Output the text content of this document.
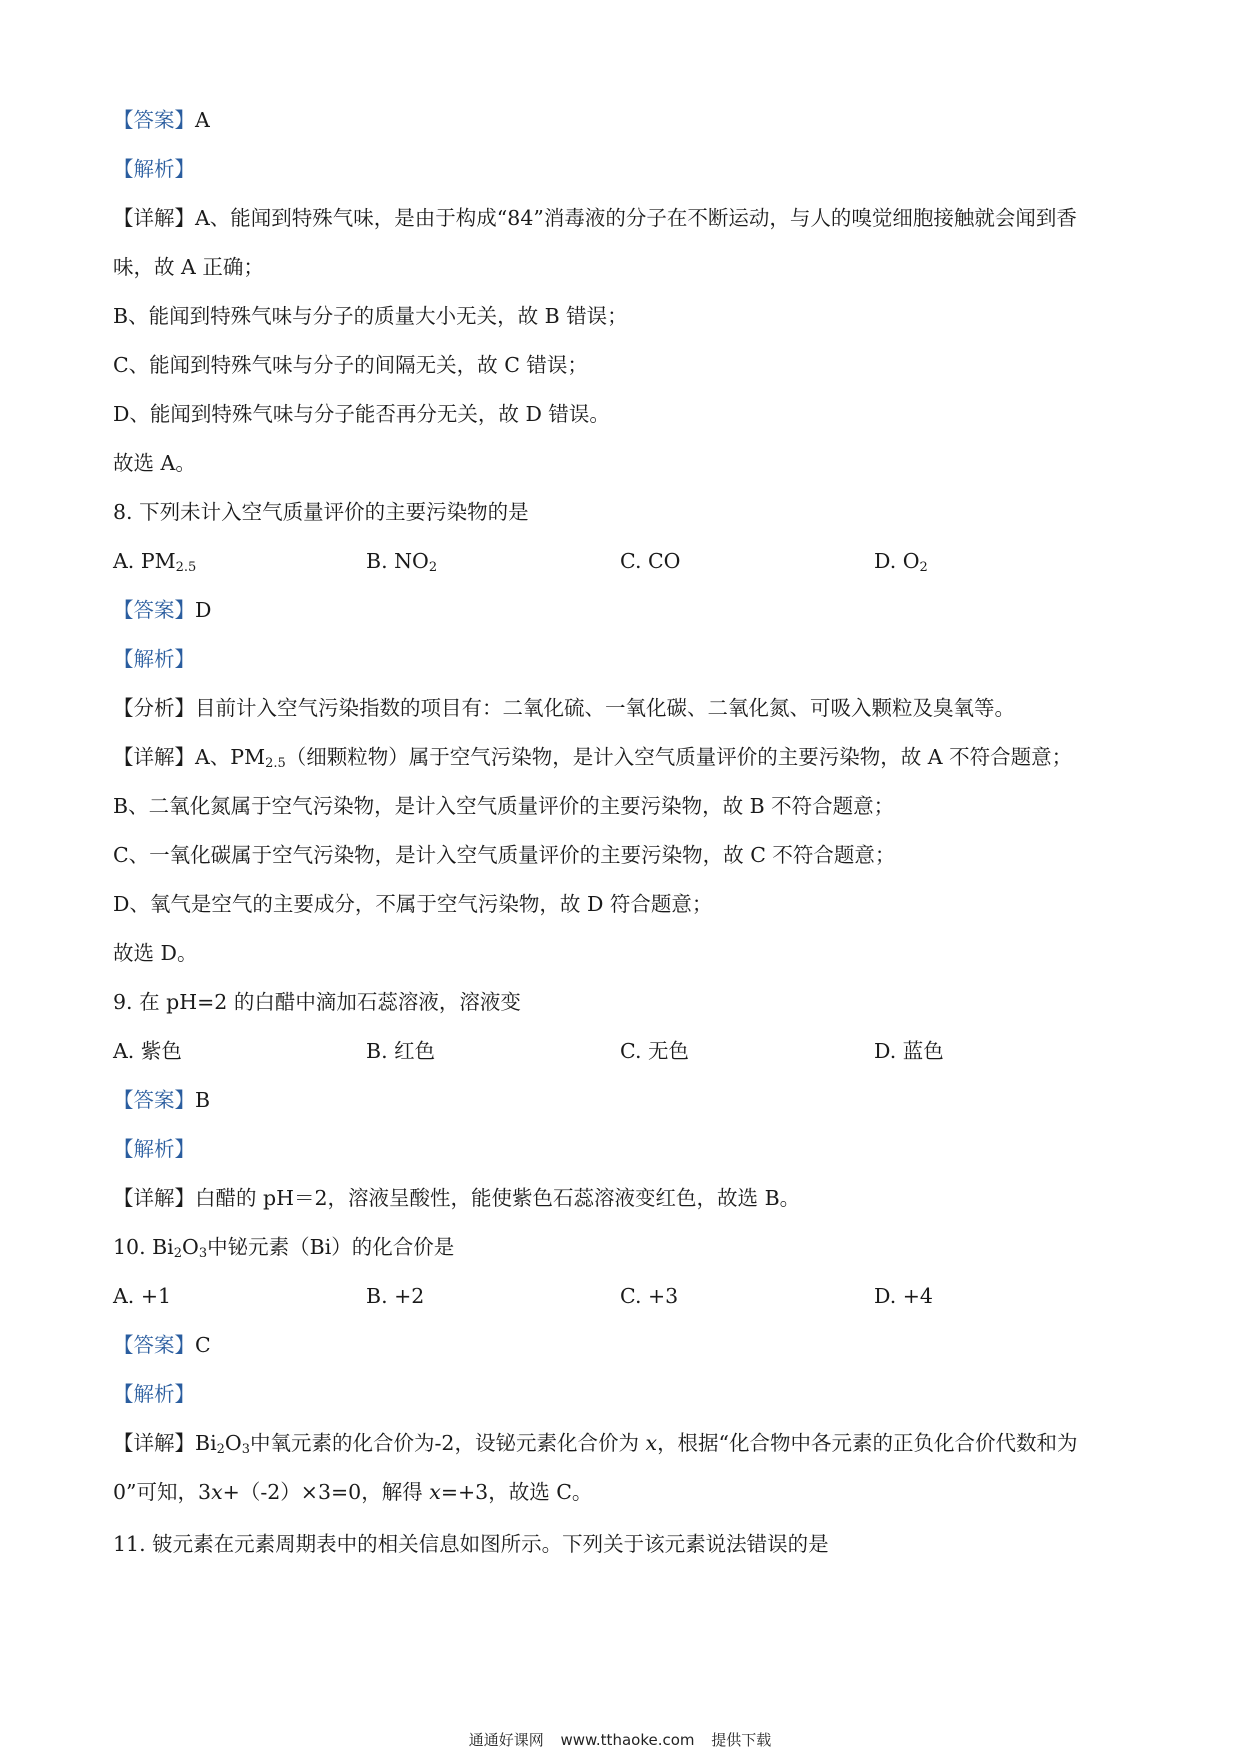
【答案】A
【解析】
【详解】A、能闻到特殊气味，是由于构成“84”消毒液的分子在不断运动，与人的嗅觉细胞接触就会闻到香
味，故 A 正确；
B、能闻到特殊气味与分子的质量大小无关，故 B 错误；
C、能闻到特殊气味与分子的间隔无关，故 C 错误；
D、能闻到特殊气味与分子能否再分无关，故 D 错误。
故选 A。
8. 下列未计入空气质量评价的主要污染物的是
A. $PM_{2.5}$	B. $NO_2$	C. CO	D. $O_2$
【答案】D
【解析】
【分析】目前计入空气污染指数的项目有：二氧化硫、一氧化碳、二氧化氮、可吸入颗粒及臭氧等。
【详解】A、$PM_{2.5}$（细颗粒物）属于空气污染物，是计入空气质量评价的主要污染物，故 A 不符合题意；
B、二氧化氮属于空气污染物，是计入空气质量评价的主要污染物，故 B 不符合题意；
C、一氧化碳属于空气污染物，是计入空气质量评价的主要污染物，故 C 不符合题意；
D、氧气是空气的主要成分，不属于空气污染物，故 D 符合题意；
故选 D。
9. 在 pH=2 的白醋中滴加石蕊溶液，溶液变
A. 紫色	B. 红色	C. 无色	D. 蓝色
【答案】B
【解析】
【详解】白醋的 pH＝2，溶液呈酸性，能使紫色石蕊溶液变红色，故选 B。
10. $Bi_2O_3$中铋元素（Bi）的化合价是
A. +1	B. +2	C. +3	D. +4
【答案】C
【解析】
【详解】$Bi_2O_3$中氧元素的化合价为-2，设铋元素化合价为 x，根据“化合物中各元素的正负化合价代数和为
0”可知，3x+（-2）×3=0，解得 x=+3，故选 C。
11. 铍元素在元素周期表中的相关信息如图所示。下列关于该元素说法错误的是
通通好课网 www.tthaoke.com 提供下载
